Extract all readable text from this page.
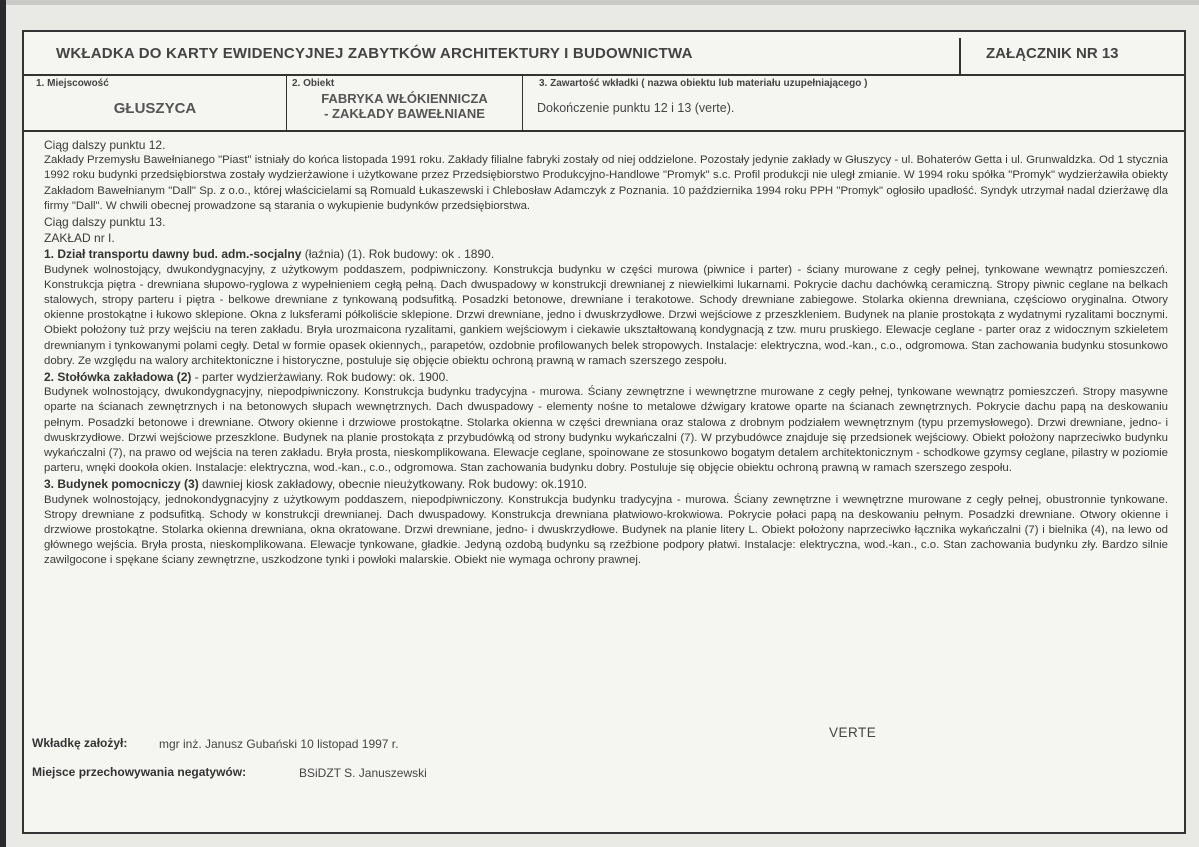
WKŁADKA DO KARTY EWIDENCYJNEJ ZABYTKÓW ARCHITEKTURY I BUDOWNICTWA	ZAŁĄCZNIK NR 13
1. Miejscowość
GŁUSZYCA
2. Obiekt
FABRYKA WŁÓKIENNICZA
- ZAKŁADY BAWEŁNIANE
3. Zawartość wkładki ( nazwa obiektu lub materiału uzupełniającego )
Dokończenie punktu 12 i 13 (verte).

Ciąg dalszy punktu 12.

Zakłady Przemysłu Bawełnianego "Piast" istniały do końca listopada 1991 roku. Zakłady filialne fabryki zostały od niej oddzielone. Pozostały jedynie zakłady w Głuszycy - ul. Bohaterów Getta i ul. Grunwaldzka. Od 1 stycznia 1992 roku budynki przedsiębiorstwa zostały wydzierżawione i użytkowane przez Przedsiębiorstwo Produkcyjno-Handlowe "Promyk" s.c. Profil produkcji nie uległ zmianie. W 1994 roku spółka "Promyk" wydzierżawiła obiekty Zakładom Bawełnianym "Dall" Sp. z o.o., której właścicielami są Romuald Łukaszewski i Chlebosław Adamczyk z Poznania. 10 października 1994 roku PPH "Promyk" ogłosiło upadłość. Syndyk utrzymał nadal dzierżawę dla firmy "Dall". W chwili obecnej prowadzone są starania o wykupienie budynków przedsiębiorstwa.

Ciąg dalszy punktu 13.

ZAKŁAD nr I.

1. Dział transportu dawny bud. adm.-socjalny (łaźnia) (1). Rok budowy: ok . 1890.

Budynek wolnostojący, dwukondygnacyjny, z użytkowym poddaszem, podpiwniczony. Konstrukcja budynku w części murowa (piwnice i parter) - ściany murowane z cegły pełnej, tynkowane wewnątrz pomieszczeń. Konstrukcja piętra - drewniana słupowo-ryglowa z wypełnieniem cegłą pełną. Dach dwuspadowy w konstrukcji drewnianej z niewielkimi lukarnami. Pokrycie dachu dachówką ceramiczną. Stropy piwnic ceglane na belkach stalowych, stropy parteru i piętra - belkowe drewniane z tynkowaną podsufitką. Posadzki betonowe, drewniane i terakotowe. Schody drewniane zabiegowe. Stolarka okienna drewniana, częściowo oryginalna. Otwory okienne prostokątne i łukowo sklepione. Okna z luksferami półkoliście sklepione. Drzwi drewniane, jedno i dwuskrzydłowe. Drzwi wejściowe z przeszkleniem. Budynek na planie prostokąta z wydatnymi ryzalitami bocznymi. Obiekt położony tuż przy wejściu na teren zakładu. Bryła urozmaicona ryzalitami, gankiem wejściowym i ciekawie ukształtowaną kondygnacją z tzw. muru pruskiego. Elewacje ceglane - parter oraz z widocznym szkieletem drewnianym i tynkowanymi polami cegły. Detal w formie opasek okiennych,, parapetów, ozdobnie profilowanych belek stropowych. Instalacje: elektryczna, wod.-kan., c.o., odgromowa. Stan zachowania budynku stosunkowo dobry. Ze względu na walory architektoniczne i historyczne, postuluje się objęcie obiektu ochroną prawną w ramach szerszego zespołu.

2. Stołówka zakładowa (2) - parter wydzierżawiany. Rok budowy: ok. 1900.

Budynek wolnostojący, dwukondygnacyjny, niepodpiwniczony. Konstrukcja budynku tradycyjna - murowa. Ściany zewnętrzne i wewnętrzne murowane z cegły pełnej, tynkowane wewnątrz pomieszczeń. Stropy masywne oparte na ścianach zewnętrznych i na betonowych słupach wewnętrznych. Dach dwuspadowy - elementy nośne to metalowe dźwigary kratowe oparte na ścianach zewnętrznych. Pokrycie dachu papą na deskowaniu pełnym. Posadzki betonowe i drewniane. Otwory okienne i drzwiowe prostokątne. Stolarka okienna w części drewniana oraz stalowa z drobnym podziałem wewnętrznym (typu przemysłowego). Drzwi drewniane, jedno- i dwuskrzydłowe. Drzwi wejściowe przeszklone. Budynek na planie prostokąta z przybudówką od strony budynku wykańczalni (7). W przybudówce znajduje się przedsionek wejściowy. Obiekt położony naprzeciwko budynku wykańczalni (7), na prawo od wejścia na teren zakładu. Bryła prosta, nieskomplikowana. Elewacje ceglane, spoinowane ze stosunkowo bogatym detalem architektonicznym - schodkowe gzymsy ceglane, pilastry w poziomie parteru, wnęki dookoła okien. Instalacje: elektryczna, wod.-kan., c.o., odgromowa. Stan zachowania budynku dobry. Postuluje się objęcie obiektu ochroną prawną w ramach szerszego zespołu.

3. Budynek pomocniczy (3) dawniej kiosk zakładowy, obecnie nieużytkowany. Rok budowy: ok.1910.

Budynek wolnostojący, jednokondygnacyjny z użytkowym poddaszem, niepodpiwniczony. Konstrukcja budynku tradycyjna - murowa. Ściany zewnętrzne i wewnętrzne murowane z cegły pełnej, obustronnie tynkowane. Stropy drewniane z podsufitką. Schody w konstrukcji drewnianej. Dach dwuspadowy. Konstrukcja drewniana płatwiowo-krokwiowa. Pokrycie połaci papą na deskowaniu pełnym. Posadzki drewniane. Otwory okienne i drzwiowe prostokątne. Stolarka okienna drewniana, okna okratowane. Drzwi drewniane, jedno- i dwuskrzydłowe. Budynek na planie litery L. Obiekt położony naprzeciwko łącznika wykańczalni (7) i bielnika (4), na lewo od głównego wejścia. Bryła prosta, nieskomplikowana. Elewacje tynkowane, gładkie. Jedyną ozdobą budynku są rzeźbione podpory płatwi. Instalacje: elektryczna, wod.-kan., c.o. Stan zachowania budynku zły. Bardzo silnie zawilgocone i spękane ściany zewnętrzne, uszkodzone tynki i powłoki malarskie. Obiekt nie wymaga ochrony prawnej.

Wkładkę założył:	mgr inż. Janusz Gubański 10 listopad 1997 r.
VERTE
Miejsce przechowywania negatywów:	BSiDZT S. Januszewski
